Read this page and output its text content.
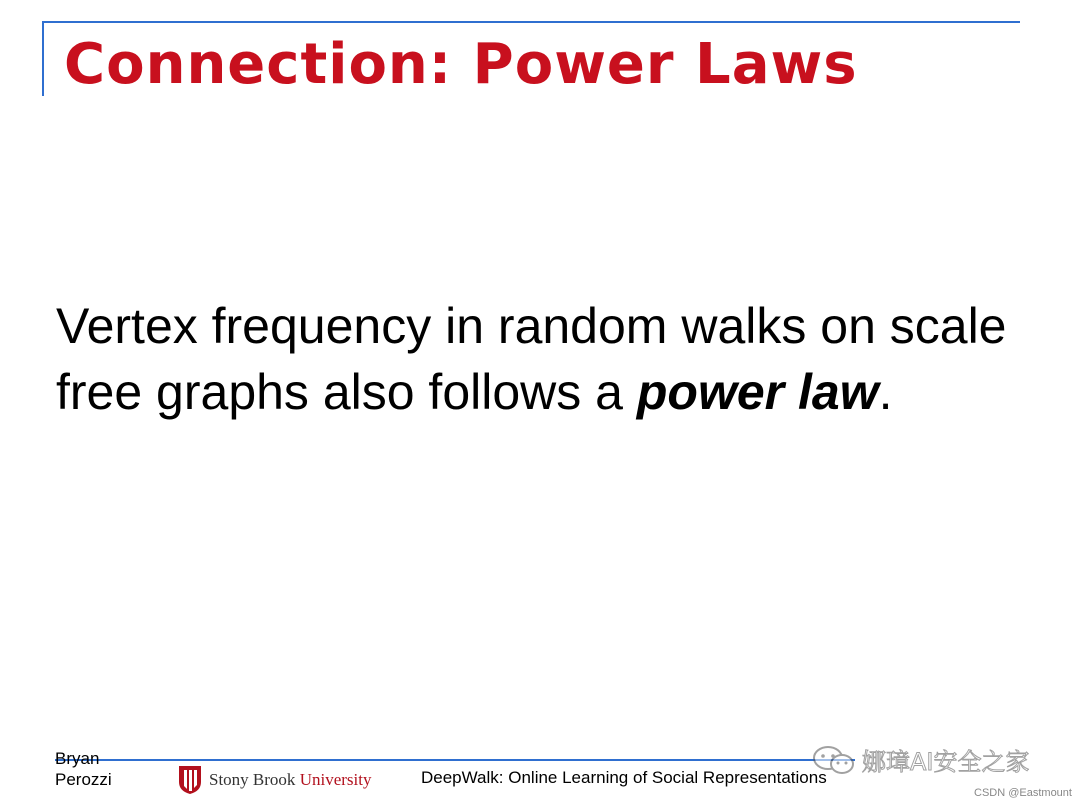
Connection: Power Laws

Vertex frequency in random walks on scale free graphs also follows a power law.

Bryan
Perozzi	Stony Brook University	DeepWalk: Online Learning of Social Representations

娜璋AI安全之家

CSDN @Eastmount
